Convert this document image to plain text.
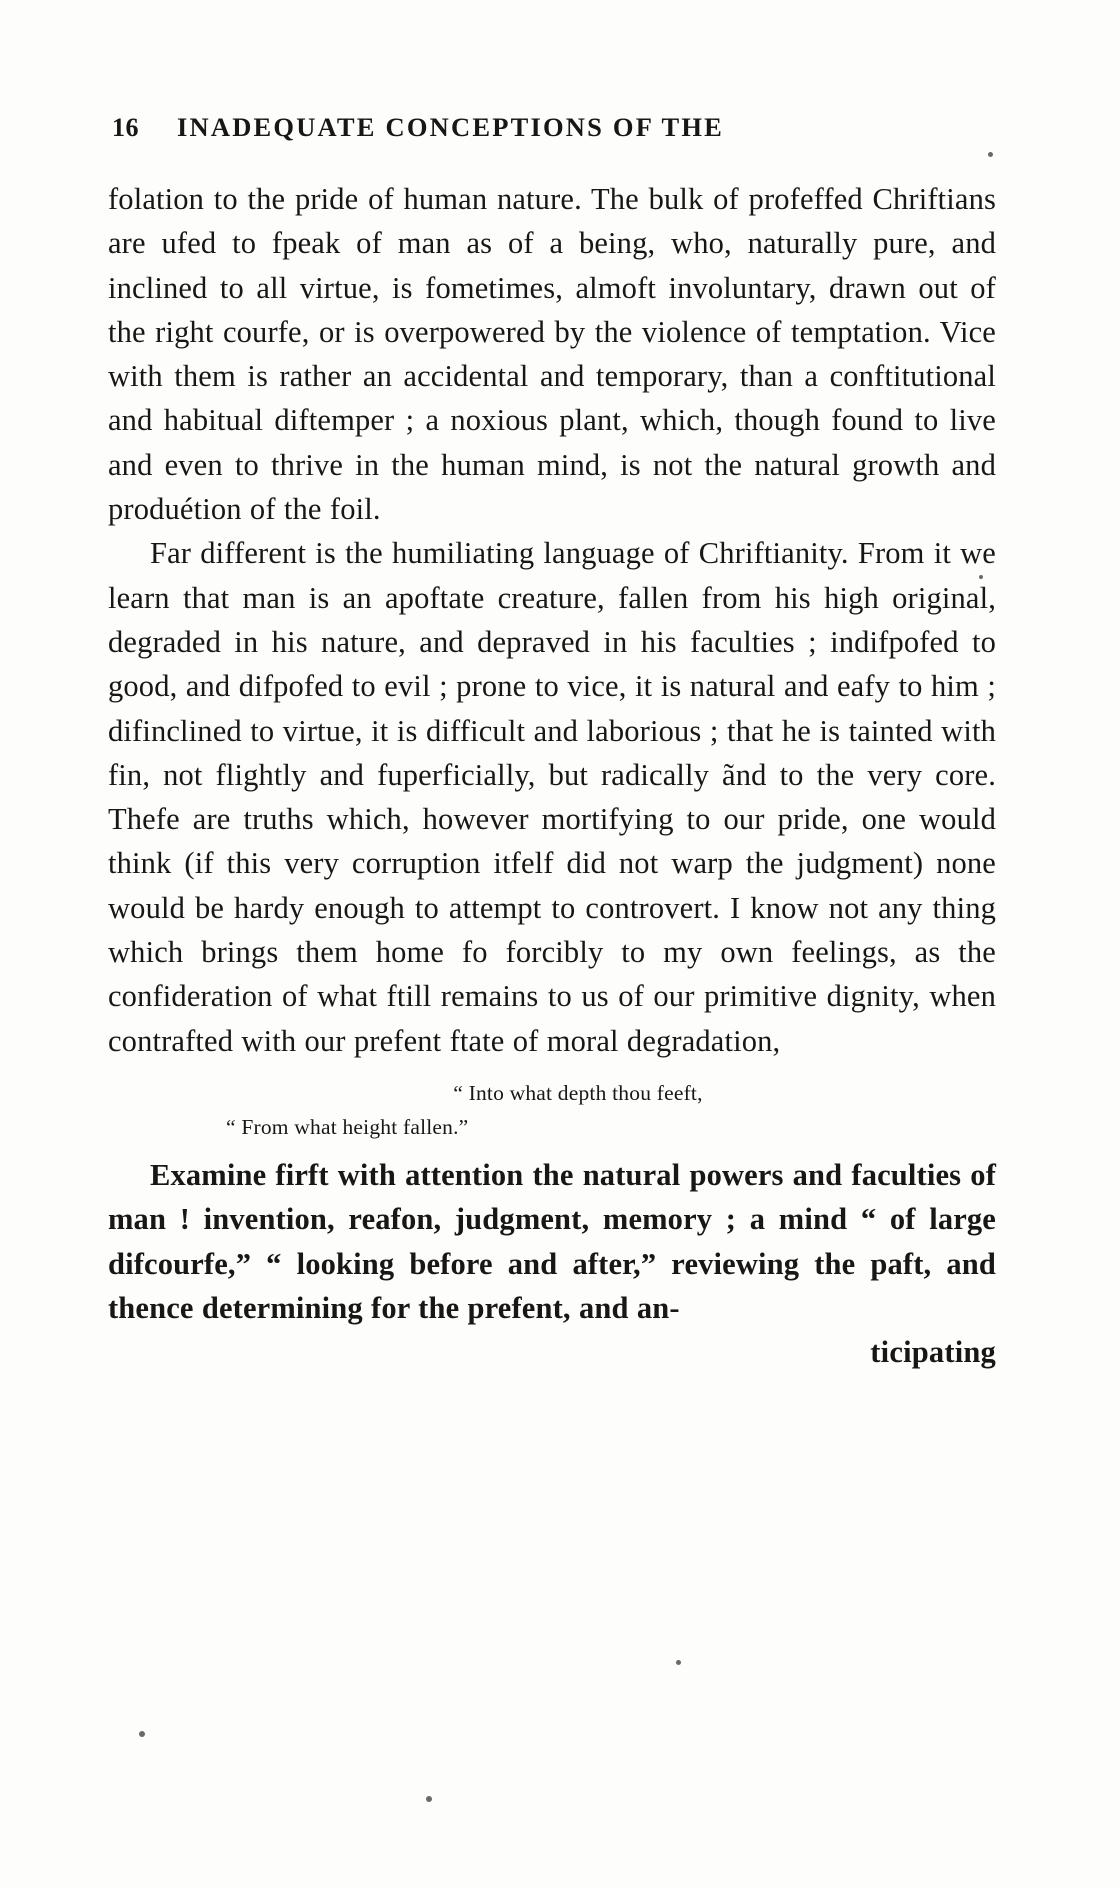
16 INADEQUATE CONCEPTIONS OF THE

folation to the pride of human nature. The bulk of profeffed Chriftians are ufed to fpeak of man as of a being, who, naturally pure, and inclined to all virtue, is fometimes, almoft involuntary, drawn out of the right courfe, or is overpowered by the violence of temptation. Vice with them is rather an accidental and temporary, than a conftitutional and habitual diftemper ; a noxious plant, which, though found to live and even to thrive in the human mind, is not the natural growth and produétion of the foil.

Far different is the humiliating language of Chriftianity. From it we learn that man is an apoftate creature, fallen from his high original, degraded in his nature, and depraved in his faculties ; indifpofed to good, and difpofed to evil ; prone to vice, it is natural and eafy to him ; difinclined to virtue, it is difficult and laborious ; that he is tainted with fin, not flightly and fuperficially, but radically ãnd to the very core. Thefe are truths which, however mortifying to our pride, one would think (if this very corruption itfelf did not warp the judgment) none would be hardy enough to attempt to controvert. I know not any thing which brings them home fo forcibly to my own feelings, as the confideration of what ftill remains to us of our primitive dignity, when contrafted with our prefent ftate of moral degradation,

“ Into what depth thou feeft,
“ From what height fallen.”

Examine firft with attention the natural powers and faculties of man ! invention, reafon, judgment, memory ; a mind “ of large difcourfe,” “ looking before and after,” reviewing the paft, and thence determining for the prefent, and an-

ticipating
